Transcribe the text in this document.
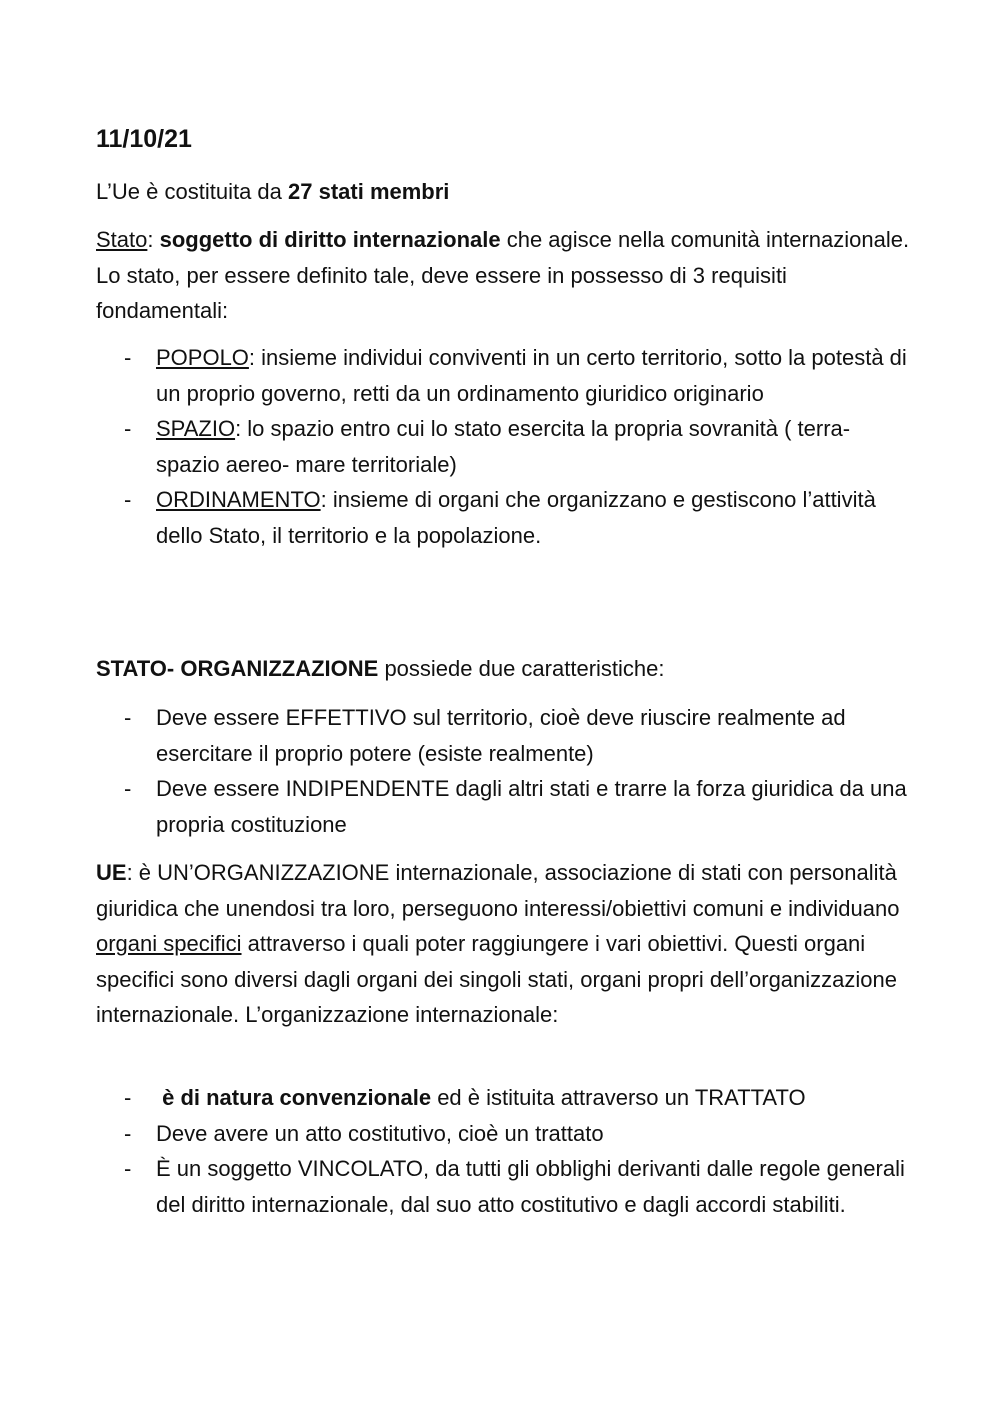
11/10/21
L’Ue è costituita da 27 stati membri
Stato: soggetto di diritto internazionale che agisce nella comunità internazionale. Lo stato, per essere definito tale, deve essere in possesso di 3 requisiti fondamentali:
- POPOLO: insieme individui conviventi in un certo territorio, sotto la potestà di un proprio governo, retti da un ordinamento giuridico originario
- SPAZIO: lo spazio entro cui lo stato esercita la propria sovranità ( terra- spazio aereo- mare territoriale)
- ORDINAMENTO: insieme di organi che organizzano e gestiscono l’attività dello Stato, il territorio e la popolazione.
STATO- ORGANIZZAZIONE possiede due caratteristiche:
- Deve essere EFFETTIVO sul territorio, cioè deve riuscire realmente ad esercitare il proprio potere (esiste realmente)
- Deve essere INDIPENDENTE dagli altri stati e trarre la forza giuridica da una propria costituzione
UE: è UN’ORGANIZZAZIONE internazionale, associazione di stati con personalità giuridica che unendosi tra loro, perseguono interessi/obiettivi comuni e individuano organi specifici attraverso i quali poter raggiungere i vari obiettivi. Questi organi specifici sono diversi dagli organi dei singoli stati, organi propri dell’organizzazione internazionale. L’organizzazione internazionale:
- è di natura convenzionale ed è istituita attraverso un TRATTATO
- Deve avere un atto costitutivo, cioè un trattato
- È un soggetto VINCOLATO, da tutti gli obblighi derivanti dalle regole generali del diritto internazionale, dal suo atto costitutivo e dagli accordi stabiliti.
